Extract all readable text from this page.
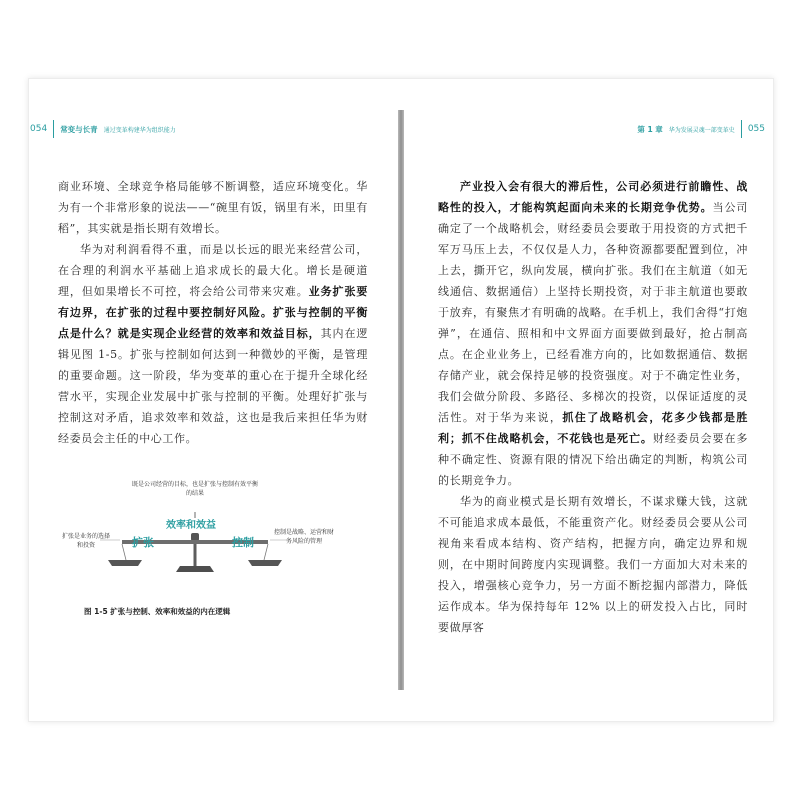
054 常变与长青 通过变革构建华为组织能力	第 1 章 华为发展灵魂一部变革史 055

商业环境、全球竞争格局能够不断调整，适应环境变化。华为有一个非常形象的说法——“碗里有饭，锅里有米，田里有稻”，其实就是指长期有效增长。

华为对利润看得不重，而是以长远的眼光来经营公司，在合理的利润水平基础上追求成长的最大化。增长是硬道理，但如果增长不可控，将会给公司带来灾难。业务扩张要有边界，在扩张的过程中要控制好风险。扩张与控制的平衡点是什么？就是实现企业经营的效率和效益目标，其内在逻辑见图 1-5。扩张与控制如何达到一种微妙的平衡，是管理的重要命题。这一阶段，华为变革的重心在于提升全球化经营水平，实现企业发展中扩张与控制的平衡。处理好扩张与控制这对矛盾，追求效率和效益，这也是我后来担任华为财经委员会主任的中心工作。

既是公司经营的目标，也是扩张与控制有效平衡的结果
效率和效益
扩张	控制
扩张是业务的选择和投资
控制是战略、运营和财务风险的管理
图 1-5 扩张与控制、效率和效益的内在逻辑

产业投入会有很大的滞后性，公司必须进行前瞻性、战略性的投入，才能构筑起面向未来的长期竞争优势。当公司确定了一个战略机会，财经委员会要敢于用投资的方式把千军万马压上去，不仅仅是人力，各种资源都要配置到位，冲上去，撕开它，纵向发展，横向扩张。我们在主航道（如无线通信、数据通信）上坚持长期投资，对于非主航道也要敢于放弃，有聚焦才有明确的战略。在手机上，我们舍得“打炮弹”，在通信、照相和中文界面方面要做到最好，抢占制高点。在企业业务上，已经看准方向的，比如数据通信、数据存储产业，就会保持足够的投资强度。对于不确定性业务，我们会做分阶段、多路径、多梯次的投资，以保证适度的灵活性。对于华为来说，抓住了战略机会，花多少钱都是胜利；抓不住战略机会，不花钱也是死亡。财经委员会要在多种不确定性、资源有限的情况下给出确定的判断，构筑公司的长期竞争力。

华为的商业模式是长期有效增长，不谋求赚大钱，这就不可能追求成本最低，不能重资产化。财经委员会要从公司视角来看成本结构、资产结构，把握方向，确定边界和规则，在中期时间跨度内实现调整。我们一方面加大对未来的投入，增强核心竞争力，另一方面不断挖掘内部潜力，降低运作成本。华为保持每年 12% 以上的研发投入占比，同时要做厚客
